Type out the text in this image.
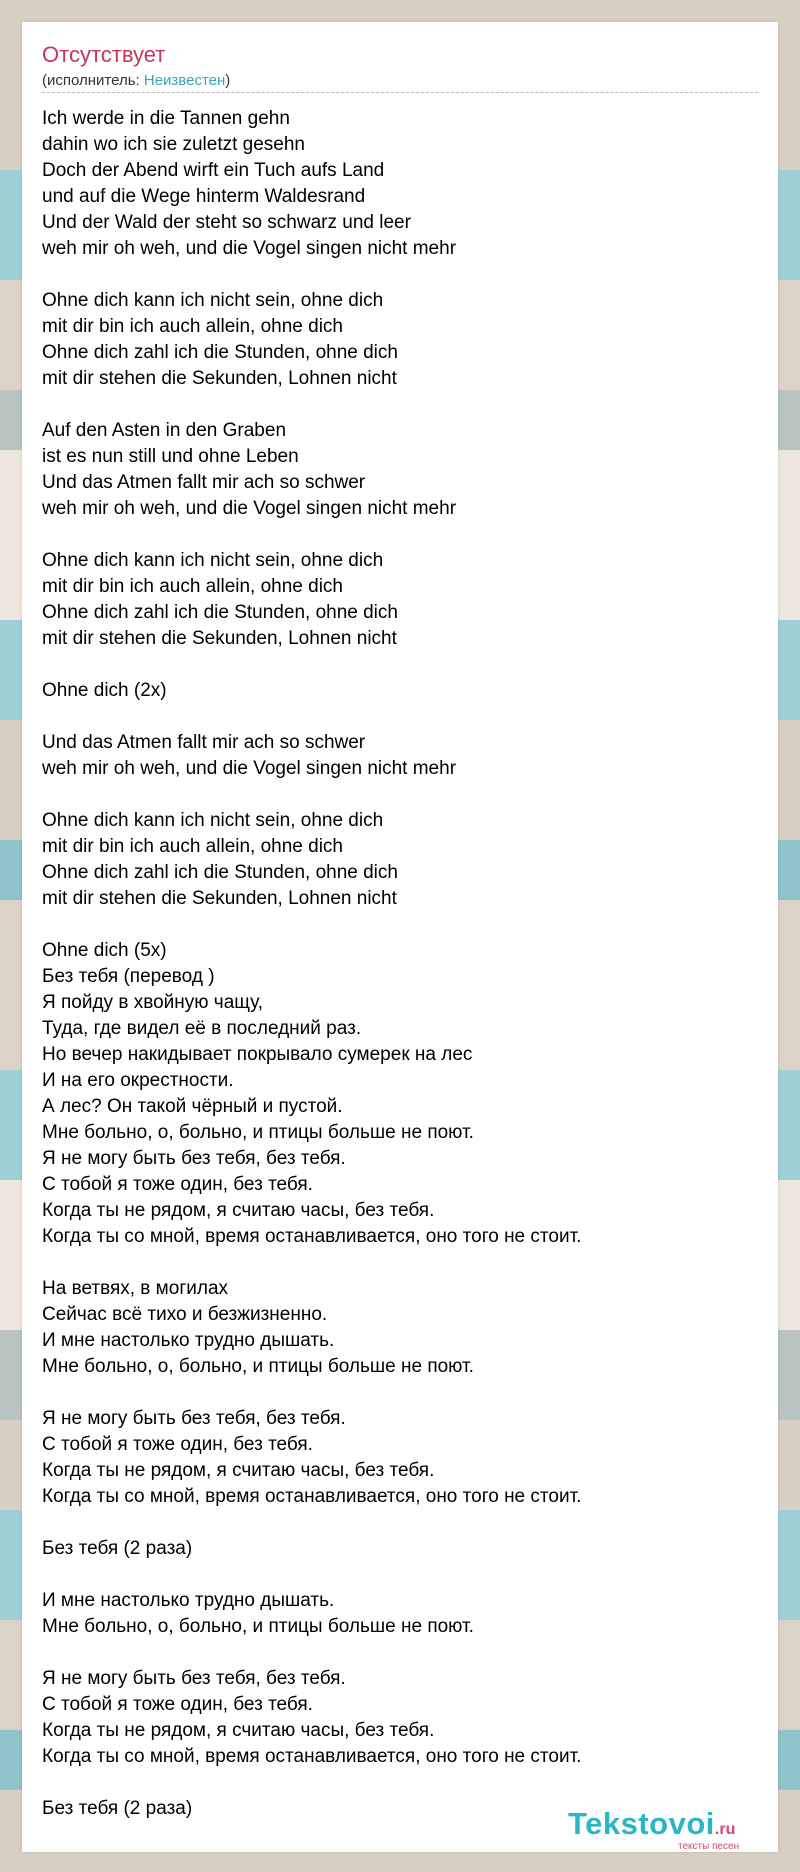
Отсутствует
(исполнитель: Неизвестен)
Ich werde in die Tannen gehn
dahin wo ich sie zuletzt gesehn
Doch der Abend wirft ein Tuch aufs Land
und auf die Wege hinterm Waldesrand
Und der Wald der steht so schwarz und leer
weh mir oh weh, und die Vogel singen nicht mehr
Ohne dich kann ich nicht sein, ohne dich
mit dir bin ich auch allein, ohne dich
Ohne dich zahl ich die Stunden, ohne dich
mit dir stehen die Sekunden, Lohnen nicht
Auf den Asten in den Graben
ist es nun still und ohne Leben
Und das Atmen fallt mir ach so schwer
weh mir oh weh, und die Vogel singen nicht mehr
Ohne dich kann ich nicht sein, ohne dich
mit dir bin ich auch allein, ohne dich
Ohne dich zahl ich die Stunden, ohne dich
mit dir stehen die Sekunden, Lohnen nicht
Ohne dich (2x)
Und das Atmen fallt mir ach so schwer
weh mir oh weh, und die Vogel singen nicht mehr
Ohne dich kann ich nicht sein, ohne dich
mit dir bin ich auch allein, ohne dich
Ohne dich zahl ich die Stunden, ohne dich
mit dir stehen die Sekunden, Lohnen nicht
Ohne dich (5x)
Без тебя (перевод )
Я пойду в хвойную чащу,
Туда, где видел её в последний раз.
Но вечер накидывает покрывало сумерек на лес
И на его окрестности.
А лес? Он такой чёрный и пустой.
Мне больно, о, больно, и птицы больше не поют.
Я не могу быть без тебя, без тебя.
С тобой я тоже один, без тебя.
Когда ты не рядом, я считаю часы, без тебя.
Когда ты со мной, время останавливается, оно того не стоит.
На ветвях, в могилах
Сейчас всё тихо и безжизненно.
И мне настолько трудно дышать.
Мне больно, о, больно, и птицы больше не поют.
Я не могу быть без тебя, без тебя.
С тобой я тоже один, без тебя.
Когда ты не рядом, я считаю часы, без тебя.
Когда ты со мной, время останавливается, оно того не стоит.
Без тебя (2 раза)
И мне настолько трудно дышать.
Мне больно, о, больно, и птицы больше не поют.
Я не могу быть без тебя, без тебя.
С тобой я тоже один, без тебя.
Когда ты не рядом, я считаю часы, без тебя.
Когда ты со мной, время останавливается, оно того не стоит.
Без тебя (2 раза)	Tekstovoi.ru
тексты песен
